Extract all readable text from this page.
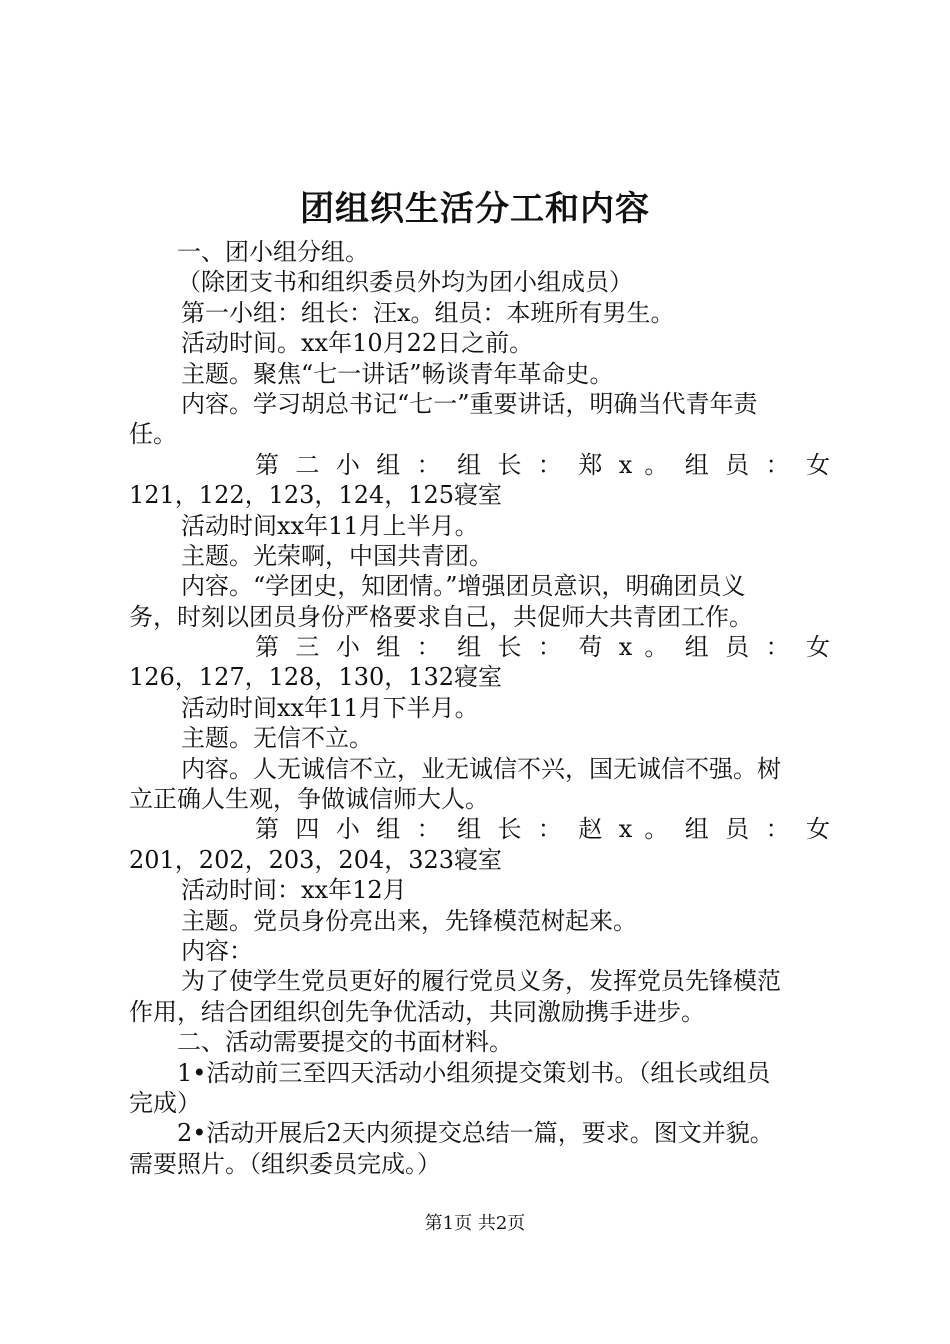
团组织生活分工和内容
一、团小组分组。
（除团支书和组织委员外均为团小组成员）
第一小组：组长：汪x。组员：本班所有男生。
活动时间。xx年10月22日之前。
主题。聚焦“七一讲话”畅谈青年革命史。
内容。学习胡总书记“七一”重要讲话，明确当代青年责
任。
第 二 小 组 ： 组 长 ： 郑 x 。 组 员 ： 女
121，122，123，124，125寝室
活动时间xx年11月上半月。
主题。光荣啊，中国共青团。
内容。“学团史，知团情。”增强团员意识，明确团员义
务，时刻以团员身份严格要求自己，共促师大共青团工作。
第 三 小 组 ： 组 长 ： 苟 x 。 组 员 ： 女
126，127，128，130，132寝室
活动时间xx年11月下半月。
主题。无信不立。
内容。人无诚信不立，业无诚信不兴，国无诚信不强。树
立正确人生观，争做诚信师大人。
第 四 小 组 ： 组 长 ： 赵 x 。 组 员 ： 女
201，202，203，204，323寝室
活动时间：xx年12月
主题。党员身份亮出来，先锋模范树起来。
内容：
为了使学生党员更好的履行党员义务，发挥党员先锋模范
作用，结合团组织创先争优活动，共同激励携手进步。
二、活动需要提交的书面材料。
1•活动前三至四天活动小组须提交策划书。（组长或组员
完成）
2•活动开展后2天内须提交总结一篇，要求。图文并貌。
需要照片。（组织委员完成。）
第1页 共2页
